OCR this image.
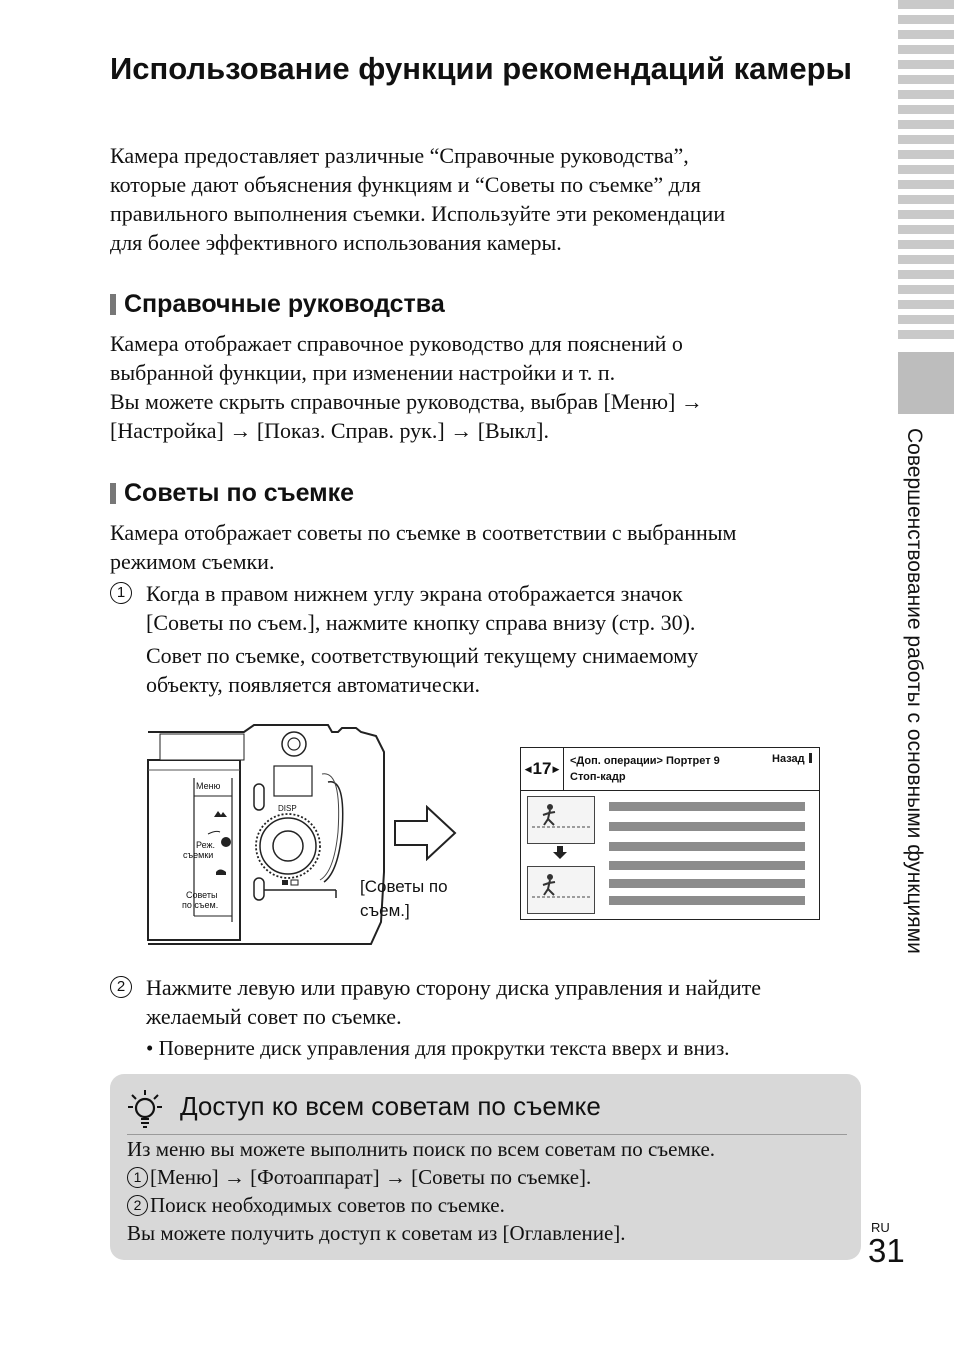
Совершенствование работы с основными функциями
Использование функции рекомендаций камеры

Камера предоставляет различные “Справочные руководства”,

которые дают объяснения функциям и “Советы по съемке” для

правильного выполнения съемки. Используйте эти рекомендации

для более эффективного использования камеры.

Справочные руководства

Камера отображает справочное руководство для пояснений о

выбранной функции, при изменении настройки и т. п.

Вы можете скрыть справочные руководства, выбрав [Меню] →

[Настройка] → [Показ. Справ. рук.] → [Выкл].

Советы по съемке

Камера отображает советы по съемке в соответствии с выбранным

режимом съемки.

1 Когда в правом нижнем углу экрана отображается значок
[Советы по съем.], нажмите кнопку справа внизу (стр. 30).

Совет по съемке, соответствующий текущему снимаемому

объекту, появляется автоматически.

Меню
Реж.
съемки
Советы
по съем.
DISP

[Советы по
съем.]

◀ 17 ▶
<Доп. операции> Портрет 9
Стоп-кадр
Назад
2 Нажмите левую или правую сторону диска управления и найдите
желаемый совет по съемке.

• Поверните диск управления для прокрутки текста вверх и вниз.

Доступ ко всем советам по съемке

Из меню вы можете выполнить поиск по всем советам по съемке.

1 [Меню] → [Фотоаппарат] → [Советы по съемке].

2 Поиск необходимых советов по съемке.

Вы можете получить доступ к советам из [Оглавление].	RU
31
